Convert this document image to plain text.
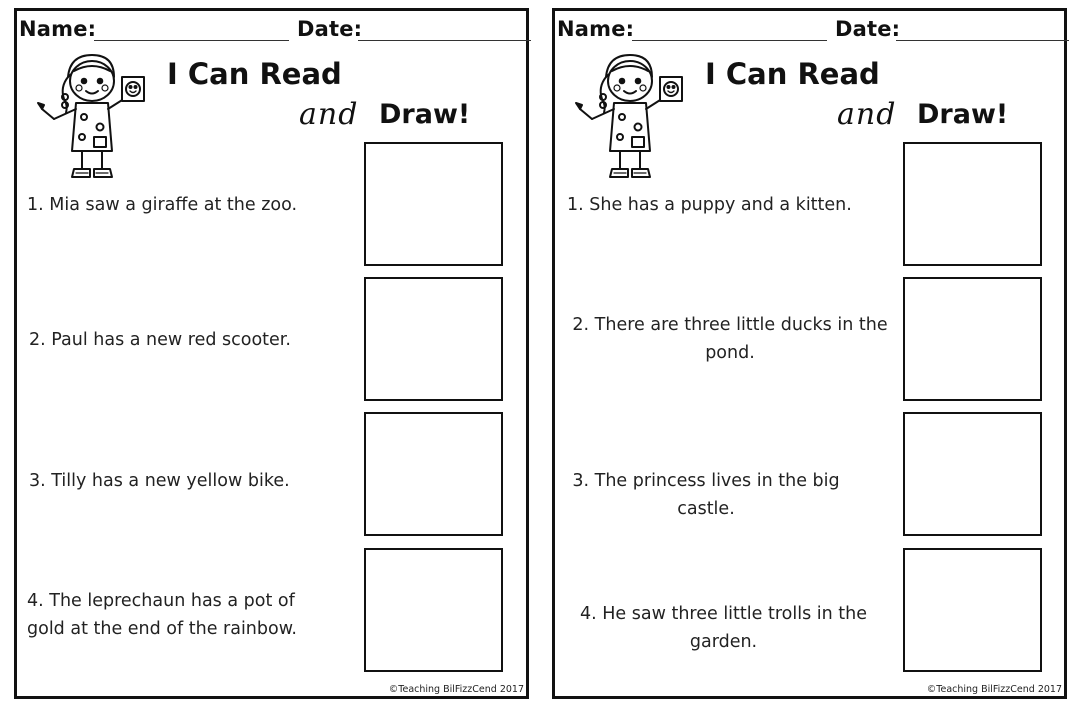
Name:	Date:
I Can Read
and Draw!
1. Mia saw a giraffe at the zoo.
2. Paul has a new red scooter.
3. Tilly has a new yellow bike.
4. The leprechaun has a pot of gold at the end of the rainbow.
©Teaching BilFizzCend 2017
Name:	Date:
I Can Read
and Draw!
1. She has a puppy and a kitten.
2. There are three little ducks in the pond.
3. The princess lives in the big castle.
4. He saw three little trolls in the garden.
©Teaching BilFizzCend 2017
